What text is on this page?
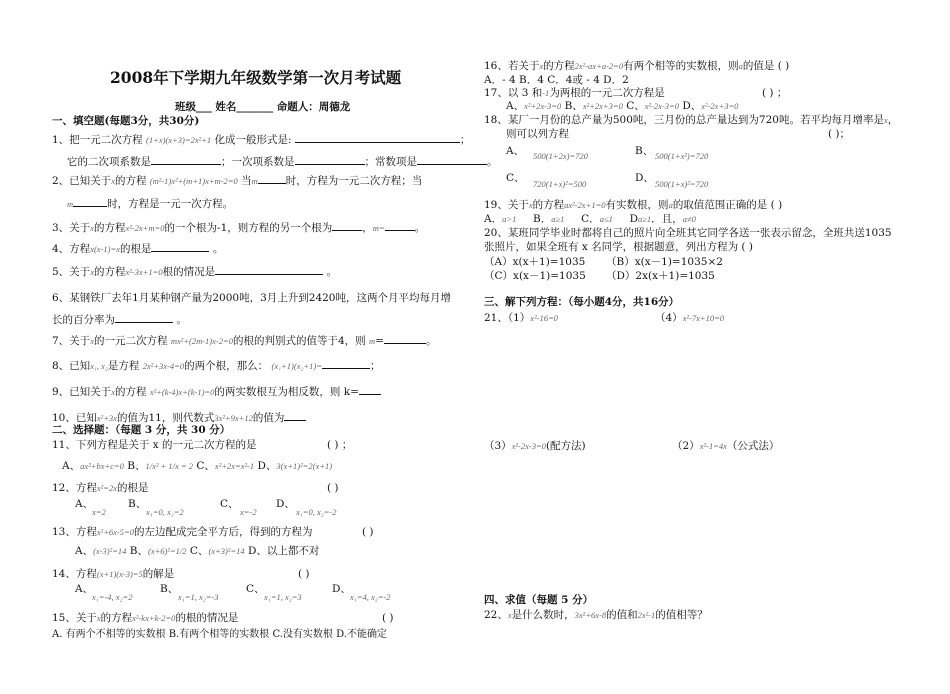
2008年下学期九年级数学第一次月考试题
班级___ 姓名_______ 命题人：周德龙
一、填空题(每题3分，共30分)
1、把一元二次方程 (1+x)(x+3)=2x²+1 化成一般形式是:	；
它的二次项系数是	；一次项系数是	；常数项是	。
2、已知关于x的方程 (m²-1)x²+(m+1)x+m-2=0 当m	时，方程为一元二次方程；当
m	时，方程是一元一次方程。
3、关于x的方程x²-2x+m=0的一个根为-1，则方程的另一个根为	，m=	。
4、方程x(x-1)=x的根是	。
5、关于x的方程x²-3x+1=0根的情况是	。
6、某钢铁厂去年1月某种钢产量为2000吨，3月上升到2420吨，这两个月平均每月增
长的百分率为	。
7、关于x的一元二次方程 mx²+(2m-1)x-2=0的根的判别式的值等于4，则 m=	。
8、已知x₁, x₂是方程 2x²+3x-4=0的两个根，那么： (x₁+1)(x₂+1)=	；
9、已知关于x的方程 x²+(k-4)x+(k-1)=0的两实数根互为相反数，则 k=
10、已知x²+3x的值为11，则代数式3x²+9x+12的值为
二、选择题：（每题 3 分，共 30 分）
11、下列方程是关于 x 的一元二次方程的是	( ) ；
A、ax²+bx+c=0 B、1/x² + 1/x = 2 C、x²+2x=x²-1 D、3(x+1)²=2(x+1)
12、方程x²=2x的根是	( )
A、
x=2
B、
x₁=0, x₂=2
C、
x=-2
D、
x₁=0, x₂=-2
13、方程x²+6x-5=0的左边配成完全平方后，得到的方程为	( )
A、(x-3)²=14 B、(x+6)²=1/2 C、(x+3)²=14 D、以上都不对
14、方程(x+1)(x-3)=5的解是	( )
A、
x₁=-4, x₂=2
B、
x₁=1, x₂=-3
C、
x₁=1, x₂=3
D、
x₁=4, x₂=-2
15、关于x的方程x²-kx+k-2=0的根的情况是	( )
A. 有两个不相等的实数根 B.有两个相等的实数根 C.没有实数根 D.不能确定
16、若关于x的方程2x²-ax+a-2=0有两个相等的实数根，则a的值是 ( )
A．- 4 B．4 C．4或 - 4 D．2
17、以 3 和-1为两根的一元二次方程是	( ) ；
A、x²+2x-3=0 B、x²+2x+3=0 C、x²-2x-3=0 D、x²-2x+3=0
18、某厂一月份的总产量为500吨，三月份的总产量达到为720吨。若平均每月增率是x，
则可以列方程	( )；
A、 500(1+2x)=720	B、 500(1+x²)=720
C、 720(1+x)²=500	D、 500(1+x)²=720
19、关于x的方程ax²-2x+1=0有实数根，则a的取值范围正确的是 ( )
A．a>1 B．a≥1 C．a≤1 Da≥1．且，a≠0
20、某班同学毕业时都将自己的照片向全班其它同学各送一张表示留念，全班共送1035
张照片，如果全班有 x 名同学，根据题意，列出方程为 ( )
（A）x(x＋1)=1035 （B）x(x－1)=1035×2
（C）x(x－1)=1035 （D）2x(x＋1)=1035
三、解下列方程：（每小题4分，共16分）
21、（1）x²-16=0	（4）x²-7x+10=0
（3）x²-2x-3=0(配方法)	（2）x²-1=4x（公式法）
四、求值（每题 5 分）
22、x是什么数时，3x²+6x-8的值和2x²-1的值相等？
